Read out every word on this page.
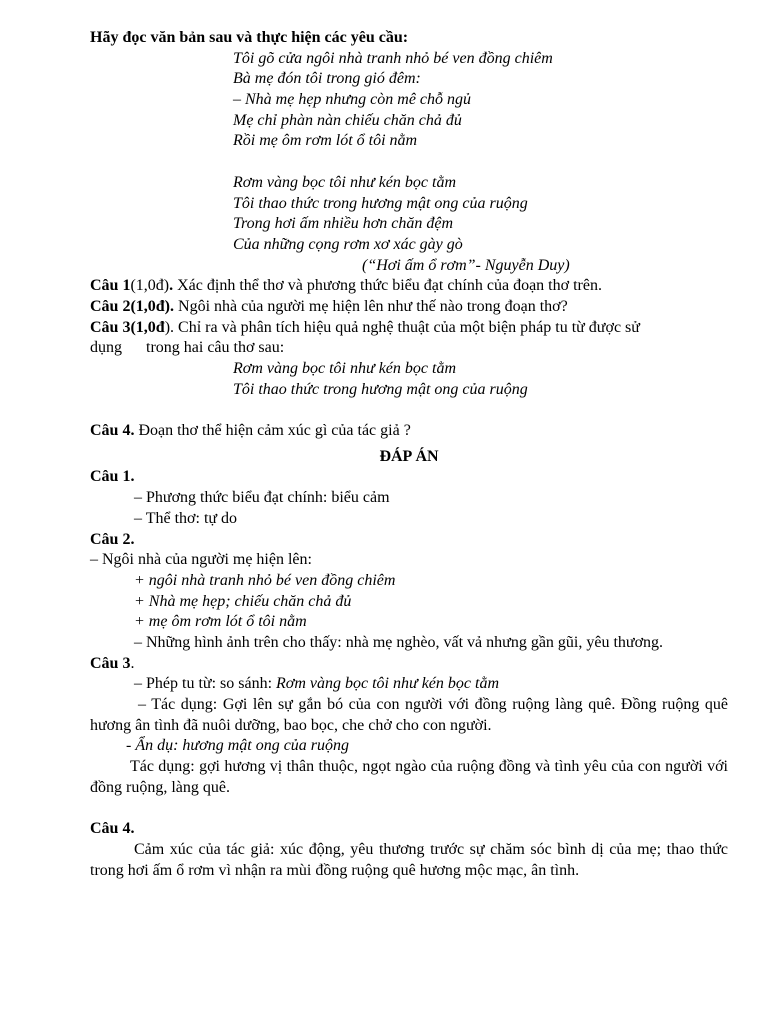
Hãy đọc văn bản sau và thực hiện các yêu cầu:
Tôi gõ cửa ngôi nhà tranh nhỏ bé ven đồng chiêm
Bà mẹ đón tôi trong gió đêm:
– Nhà mẹ hẹp nhưng còn mê chỗ ngủ
Mẹ chỉ phàn nàn chiếu chăn chả đủ
Rồi mẹ ôm rơm lót ổ tôi nằm
Rơm vàng bọc tôi như kén bọc tằm
Tôi thao thức trong hương mật ong của ruộng
Trong hơi ấm nhiều hơn chăn đệm
Của những cọng rơm xơ xác gày gò
(“Hơi ấm ổ rơm”- Nguyễn Duy)
Câu 1(1,0đ). Xác định thể thơ và phương thức biểu đạt chính của đoạn thơ trên.
Câu 2(1,0đ). Ngôi nhà của người mẹ hiện lên như thế nào trong đoạn thơ?
Câu 3(1,0đ). Chỉ ra và phân tích hiệu quả nghệ thuật của một biện pháp tu từ được sử
dụng trong hai câu thơ sau:
Rơm vàng bọc tôi như kén bọc tằm
Tôi thao thức trong hương mật ong của ruộng
Câu 4. Đoạn thơ thể hiện cảm xúc gì của tác giả ?
ĐÁP ÁN
Câu 1.
– Phương thức biểu đạt chính: biểu cảm
– Thể thơ: tự do
Câu 2.
– Ngôi nhà của người mẹ hiện lên:
+ ngôi nhà tranh nhỏ bé ven đồng chiêm
+ Nhà mẹ hẹp; chiếu chăn chả đủ
+ mẹ ôm rơm lót ổ tôi nằm
– Những hình ảnh trên cho thấy: nhà mẹ nghèo, vất vả nhưng gần gũi, yêu thương.
Câu 3.
– Phép tu từ: so sánh: Rơm vàng bọc tôi như kén bọc tằm
– Tác dụng: Gợi lên sự gắn bó của con người với đồng ruộng làng quê. Đồng ruộng quê hương ân tình đã nuôi dưỡng, bao bọc, che chở cho con người.
- Ẩn dụ: hương mật ong của ruộng
Tác dụng: gợi hương vị thân thuộc, ngọt ngào của ruộng đồng và tình yêu của con người với đồng ruộng, làng quê.
Câu 4.
Cảm xúc của tác giả: xúc động, yêu thương trước sự chăm sóc bình dị của mẹ; thao thức trong hơi ấm ổ rơm vì nhận ra mùi đồng ruộng quê hương mộc mạc, ân tình.
